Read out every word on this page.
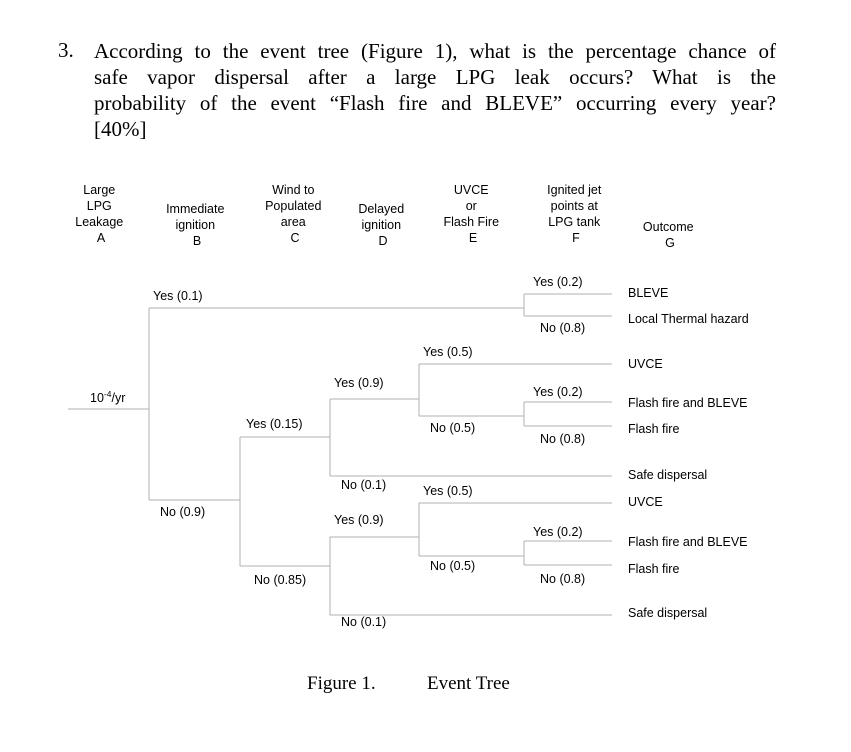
3. According to the event tree (Figure 1), what is the percentage chance of
safe vapor dispersal after a large LPG leak occurs? What is the
probability of the event “Flash fire and BLEVE” occurring every year?
[40%]
Large LPG Leakage A
Immediate ignition B
Wind to Populated area C
Delayed ignition D
UVCE or Flash Fire E
Ignited jet points at LPG tank F
Outcome G
$10^{-4}/yr$
Yes (0.1)
No (0.9)
Yes (0.2)
No (0.8)
Yes (0.15)
No (0.85)
Yes (0.9)
No (0.1)
Yes (0.5)
No (0.5)
Yes (0.2)
No (0.8)
Yes (0.9)
No (0.1)
Yes (0.5)
No (0.5)
Yes (0.2)
No (0.8)
BLEVE
Local Thermal hazard
UVCE
Flash fire and BLEVE
Flash fire
Safe dispersal
UVCE
Flash fire and BLEVE
Flash fire
Safe dispersal
Figure 1.	Event Tree
